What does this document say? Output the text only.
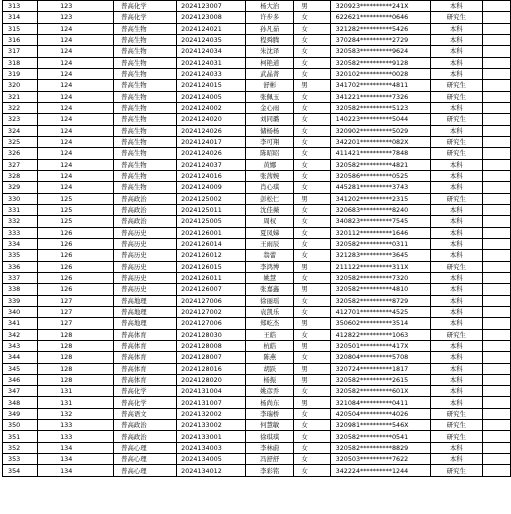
313	123	普高化学	2024123007	杨大治	男	320923**********241X	本科	
314	123	普高化学	2024123008	许步多	女	622621**********0646	研究生	
315	124	普高生物	2024124021	孙凡茹	女	321282**********5426	本科	
316	124	普高生物	2024124035	程舜腾	女	370284**********2729	本科	
317	124	普高生物	2024124034	朱沈译	女	320583**********9624	本科	
318	124	普高生物	2024124031	柯艳道	女	320582**********9128	本科	
319	124	普高生物	2024124033	武晶菁	女	320102**********0028	本科	
320	124	普高生物	2024124015	舒彬	男	341702**********4811	研究生	
321	124	普高生物	2024124005	张佩玉	女	341221**********7326	研究生	
322	124	普高生物	2024124002	金心雨	女	320582**********5123	本科	
323	124	普高生物	2024124020	刘同璐	女	140223**********5044	研究生	
324	124	普高生物	2024124026	储杨杨	女	320902**********5029	本科	
325	124	普高生物	2024124017	李可翔	女	342201**********082X	研究生	
326	124	普高生物	2024124026	陈昭昭	女	411421**********7848	研究生	
327	124	普高生物	2024124037	黄娜	女	320582**********4821	本科	
328	124	普高生物	2024124016	张茜婉	女	320586**********0525	本科	
329	124	普高生物	2024124009	肖心琪	女	445281**********3743	本科	
330	125	普高政治	2024125002	彭松仁	男	341202**********2315	研究生	
331	125	普高政治	2024125011	沈佳薇	女	320683**********8240	本科	
332	125	普高政治	2024125005	周权	女	340823**********7545	本科	
333	126	普高历史	2024126001	夏凤娣	女	320112**********1646	本科	
334	126	普高历史	2024126014	王雨辰	女	320582**********0311	本科	
335	126	普高历史	2024126012	翁蕾	女	321283**********3645	本科	
336	126	普高历史	2024126015	李鸿博	男	211122**********311X	研究生	
337	126	普高历史	2024126011	姚慧	女	320582**********7320	本科	
338	126	普高历史	2024126007	张嘉鑫	男	320582**********4810	本科	
339	127	普高地理	2024127006	徐丽瑶	女	320582**********8729	本科	
340	127	普高地理	2024127002	袁凯乐	女	412701**********4525	本科	
341	127	普高地理	2024127006	郑屹杰	男	350602**********3514	本科	
342	128	普高体育	2024128030	王皓	女	412822**********1063	研究生	
343	128	普高体育	2024128008	杭皓	男	320501**********417X	本科	
344	128	普高体育	2024128007	陈燕	女	320804**********5708	本科	
345	128	普高体育	2024128016	胡跃	男	320724**********1817	本科	
346	128	普高体育	2024128020	杨振	男	320582**********2615	本科	
347	131	普高化学	2024131004	姚彦乔	女	320582**********601X	本科	
348	131	普高化学	2024131007	杨尚东	男	321084**********0411	本科	
349	132	普高语文	2024132002	李瑞桥	女	420504**********4026	研究生	
350	133	普高政治	2024133002	何慧敏	女	320981**********546X	研究生	
351	133	普高政治	2024133001	徐琪琪	女	320582**********0541	研究生	
352	134	普高心理	2024134003	李林蔚	女	320582**********8829	本科	
353	134	普高心理	2024134005	冯舒舒	女	320503**********7622	本科	
354	134	普高心理	2024134012	李彩铭	女	342224**********1244	研究生	
